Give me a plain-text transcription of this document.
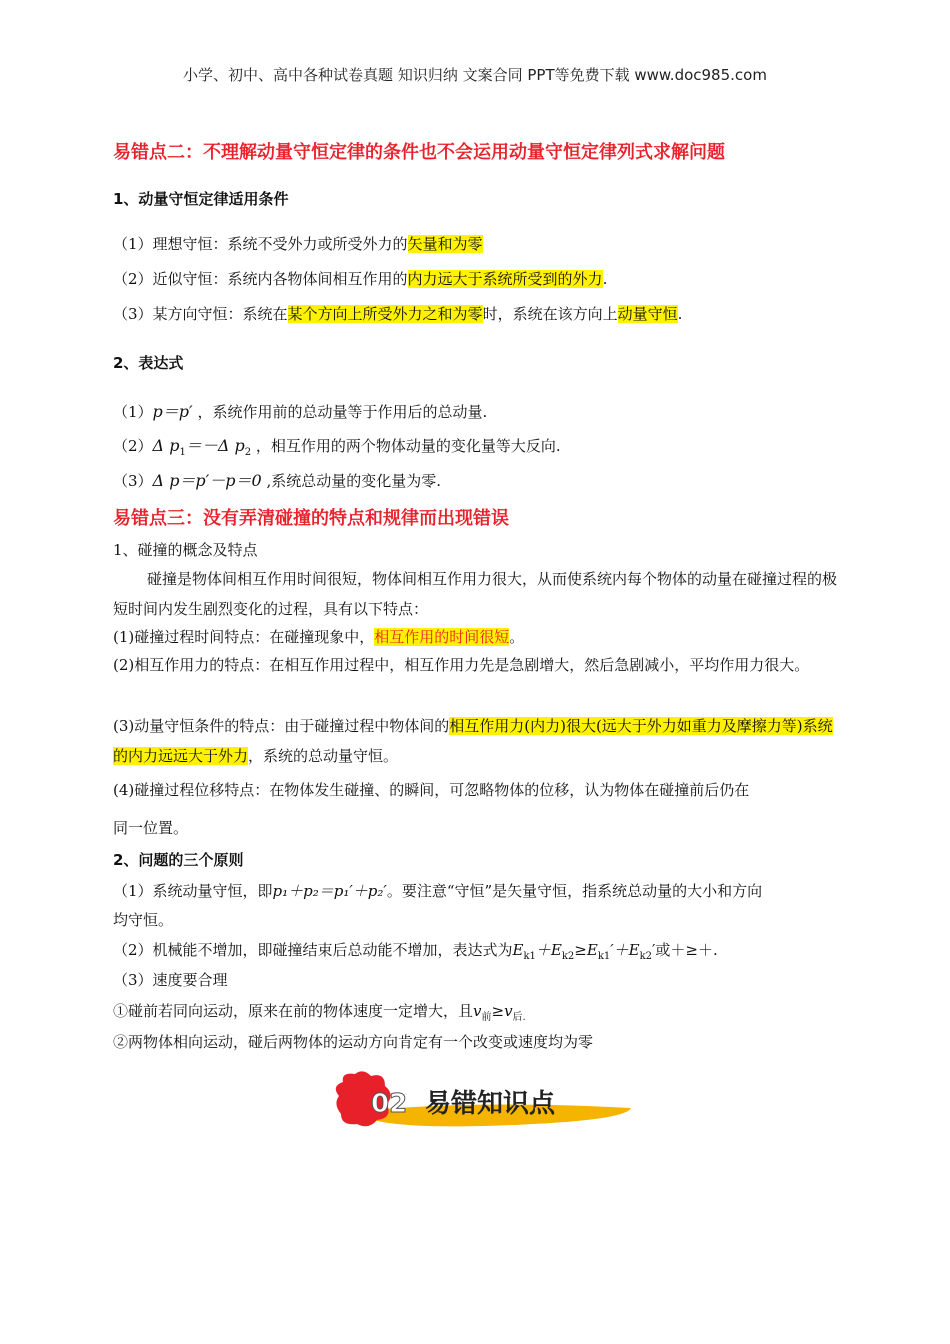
小学、初中、高中各种试卷真题 知识归纳 文案合同 PPT等免费下载 www.doc985.com
易错点二：不理解动量守恒定律的条件也不会运用动量守恒定律列式求解问题
1、动量守恒定律适用条件
（1）理想守恒：系统不受外力或所受外力的矢量和为零
（2）近似守恒：系统内各物体间相互作用的内力远大于系统所受到的外力.
（3）某方向守恒：系统在某个方向上所受外力之和为零时，系统在该方向上动量守恒.
2、表达式
（1）p＝p′ ，系统作用前的总动量等于作用后的总动量.
（2）Δ $p_1=-\Delta$ $p_2$ ，相互作用的两个物体动量的变化量等大反向.
（3）Δ p＝p′－p＝0 ,系统总动量的变化量为零.
易错点三：没有弄清碰撞的特点和规律而出现错误
1、碰撞的概念及特点
碰撞是物体间相互作用时间很短，物体间相互作用力很大，从而使系统内每个物体的动量在碰撞过程的极短时间内发生剧烈变化的过程，具有以下特点：
(1)碰撞过程时间特点：在碰撞现象中，相互作用的时间很短。
(2)相互作用力的特点：在相互作用过程中，相互作用力先是急剧增大，然后急剧减小，平均作用力很大。
(3)动量守恒条件的特点：由于碰撞过程中物体间的相互作用力(内力)很大(远大于外力如重力及摩擦力等)系统的内力远远大于外力，系统的总动量守恒。
(4)碰撞过程位移特点：在物体发生碰撞、的瞬间，可忽略物体的位移，认为物体在碰撞前后仍在
同一位置。
2、问题的三个原则
（1）系统动量守恒，即p₁＋p₂＝p₁′＋p₂′。要注意“守恒”是矢量守恒，指系统总动量的大小和方向
均守恒。
（2）机械能不增加，即碰撞结束后总动能不增加，表达式为$E_{k1}+E_{k2}\ge E_{k1}'+E_{k2}'$或＋≥＋.
（3）速度要合理
①碰前若同向运动，原来在前的物体速度一定增大，且$v_前\ge v_{后.}$
②两物体相向运动，碰后两物体的运动方向肯定有一个改变或速度均为零
02 易错知识点
